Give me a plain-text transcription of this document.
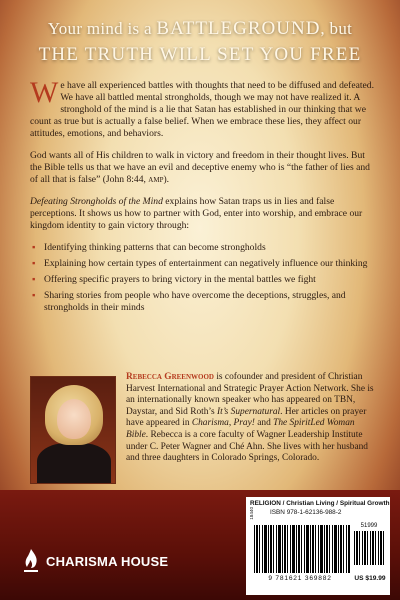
Your mind is a BATTLEGROUND, but
THE TRUTH WILL SET YOU FREE

We have all experienced battles with thoughts that need to be diffused and defeated. We have all battled mental strongholds, though we may not have realized it. A stronghold of the mind is a lie that Satan has established in our thinking that we count as true but is actually a false belief. When we embrace these lies, they affect our attitudes, emotions, and behaviors.

God wants all of His children to walk in victory and freedom in their thought lives. But the Bible tells us that we have an evil and deceptive enemy who is “the father of lies and of all that is false” (John 8:44, amp).

Defeating Strongholds of the Mind explains how Satan traps us in lies and false perceptions. It shows us how to partner with God, enter into worship, and embrace our kingdom identity to gain victory through:

▪ Identifying thinking patterns that can become strongholds
▪ Explaining how certain types of entertainment can negatively influence our thinking
▪ Offering specific prayers to bring victory in the mental battles we fight
▪ Sharing stories from people who have overcome the deceptions, struggles, and strongholds in their minds
Rebecca Greenwood is cofounder and president of Christian Harvest International and Strategic Prayer Action Network. She is an internationally known speaker who has appeared on TBN, Daystar, and Sid Roth’s It’s Supernatural. Her articles on prayer have appeared in Charisma, Pray! and The SpiritLed Woman Bible. Rebecca is a core faculty of Wagner Leadership Institute under C. Peter Wagner and Ché Ahn. She lives with her husband and three daughters in Colorado Springs, Colorado.
CHARISMA HOUSE
18440
RELIGION / Christian Living / Spiritual Growth
ISBN 978-1-62136-988-2
51999
9 781621 369882	US $19.99
